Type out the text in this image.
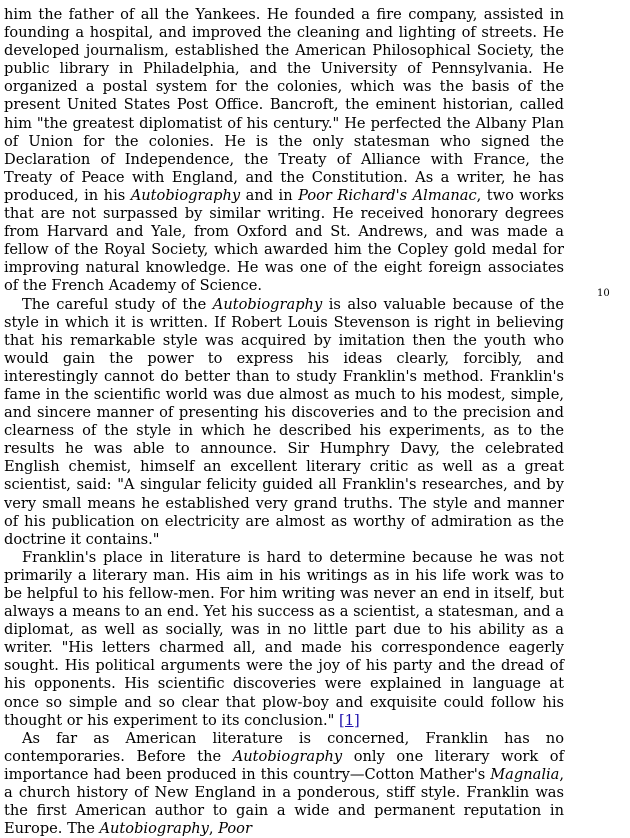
him the father of all the Yankees. He founded a fire company, assisted in founding a hospital, and improved the cleaning and lighting of streets. He developed journalism, established the American Philosophical Society, the public library in Philadelphia, and the University of Pennsylvania. He organized a postal system for the colonies, which was the basis of the present United States Post Office. Bancroft, the eminent historian, called him "the greatest diplomatist of his century." He perfected the Albany Plan of Union for the colonies. He is the only statesman who signed the Declaration of Independence, the Treaty of Alliance with France, the Treaty of Peace with England, and the Constitution. As a writer, he has produced, in his Autobiography and in Poor Richard's Almanac, two works that are not surpassed by similar writing. He received honorary degrees from Harvard and Yale, from Oxford and St. Andrews, and was made a fellow of the Royal Society, which awarded him the Copley gold medal for improving natural knowledge. He was one of the eight foreign associates of the French Academy of Science.

The careful study of the Autobiography is also valuable because of the style in which it is written. If Robert Louis Stevenson is right in believing that his remarkable style was acquired by imitation then the youth who would gain the power to express his ideas clearly, forcibly, and interestingly cannot do better than to study Franklin's method. Franklin's fame in the scientific world was due almost as much to his modest, simple, and sincere manner of presenting his discoveries and to the precision and clearness of the style in which he described his experiments, as to the results he was able to announce. Sir Humphry Davy, the celebrated English chemist, himself an excellent literary critic as well as a great scientist, said: "A singular felicity guided all Franklin's researches, and by very small means he established very grand truths. The style and manner of his publication on electricity are almost as worthy of admiration as the doctrine it contains."

Franklin's place in literature is hard to determine because he was not primarily a literary man. His aim in his writings as in his life work was to be helpful to his fellow-men. For him writing was never an end in itself, but always a means to an end. Yet his success as a scientist, a statesman, and a diplomat, as well as socially, was in no little part due to his ability as a writer. "His letters charmed all, and made his correspondence eagerly sought. His political arguments were the joy of his party and the dread of his opponents. His scientific discoveries were explained in language at once so simple and so clear that plow-boy and exquisite could follow his thought or his experiment to its conclusion." [1]

As far as American literature is concerned, Franklin has no contemporaries. Before the Autobiography only one literary work of importance had been produced in this country—Cotton Mather's Magnalia, a church history of New England in a ponderous, stiff style. Franklin was the first American author to gain a wide and permanent reputation in Europe. The Autobiography, Poor

10
